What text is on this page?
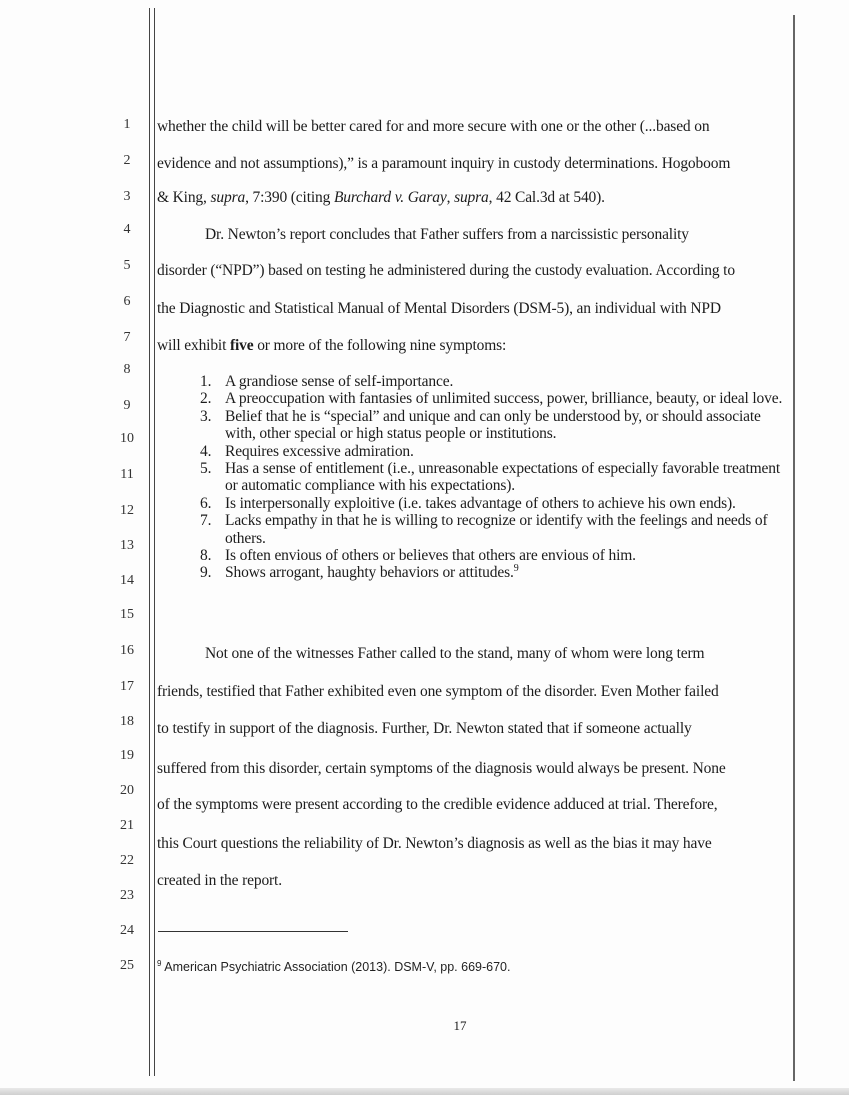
1
2
3
4
5
6
7
8
9
10
11
12
13
14
15
16
17
18
19
20
21
22
23
24
25
whether the child will be better cared for and more secure with one or the other (...based on
evidence and not assumptions),” is a paramount inquiry in custody determinations. Hogoboom
& King, supra, 7:390 (citing Burchard v. Garay, supra, 42 Cal.3d at 540).
Dr. Newton’s report concludes that Father suffers from a narcissistic personality
disorder (“NPD”) based on testing he administered during the custody evaluation. According to
the Diagnostic and Statistical Manual of Mental Disorders (DSM-5), an individual with NPD
will exhibit five or more of the following nine symptoms:
1. A grandiose sense of self-importance.
2. A preoccupation with fantasies of unlimited success, power, brilliance, beauty, or ideal love.
3. Belief that he is “special” and unique and can only be understood by, or should associate with, other special or high status people or institutions.
4. Requires excessive admiration.
5. Has a sense of entitlement (i.e., unreasonable expectations of especially favorable treatment or automatic compliance with his expectations).
6. Is interpersonally exploitive (i.e. takes advantage of others to achieve his own ends).
7. Lacks empathy in that he is willing to recognize or identify with the feelings and needs of others.
8. Is often envious of others or believes that others are envious of him.
9. Shows arrogant, haughty behaviors or attitudes.$^9$
Not one of the witnesses Father called to the stand, many of whom were long term
friends, testified that Father exhibited even one symptom of the disorder. Even Mother failed
to testify in support of the diagnosis. Further, Dr. Newton stated that if someone actually
suffered from this disorder, certain symptoms of the diagnosis would always be present. None
of the symptoms were present according to the credible evidence adduced at trial. Therefore,
this Court questions the reliability of Dr. Newton’s diagnosis as well as the bias it may have
created in the report.
$^9$ American Psychiatric Association (2013). DSM-V, pp. 669-670.
17
